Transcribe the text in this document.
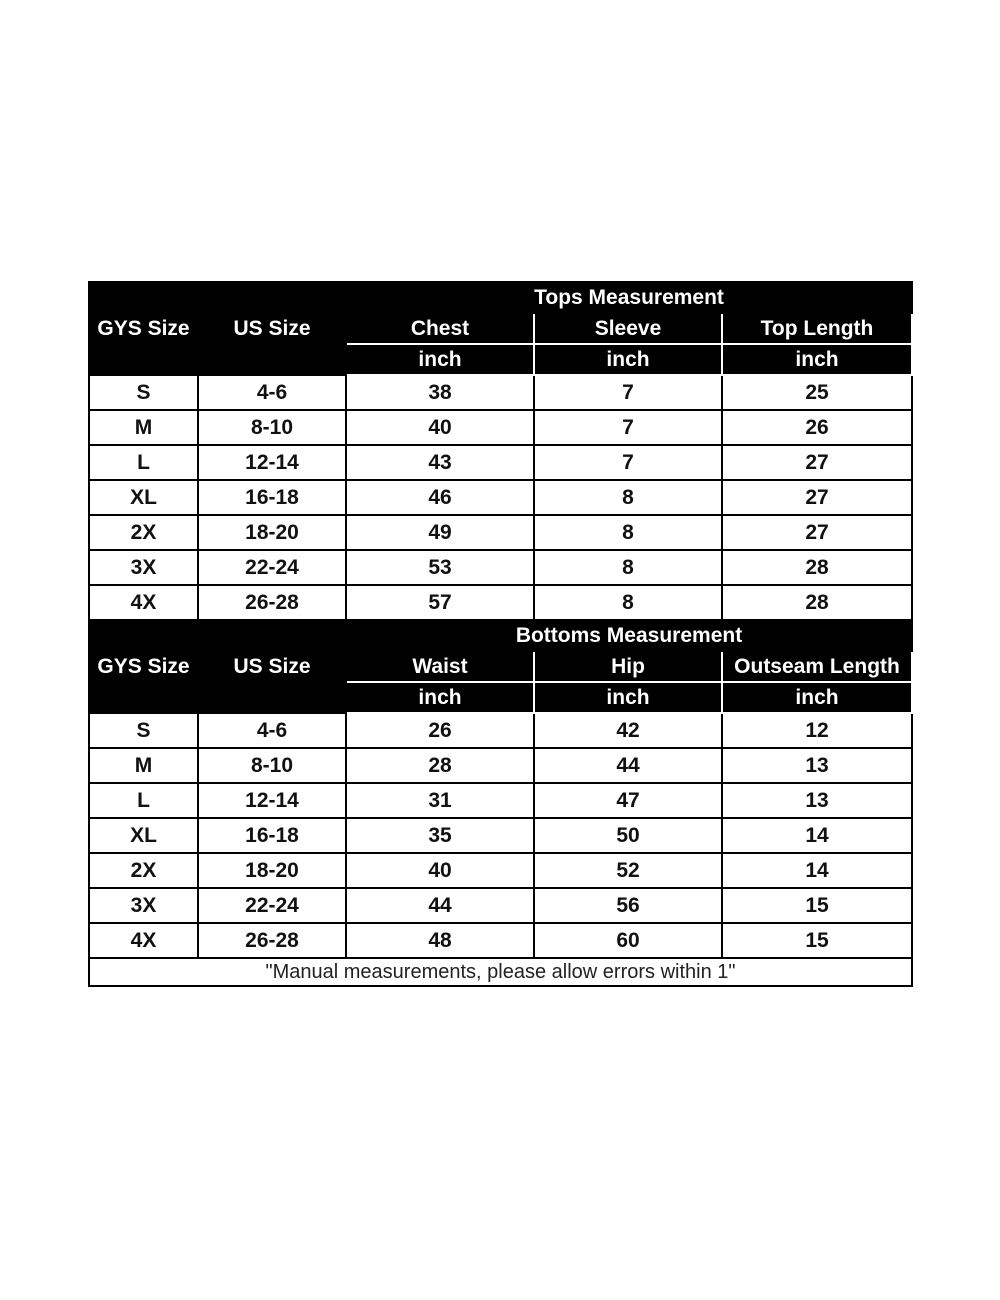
GYS Size	US Size	Tops Measurement		
		Chest	Sleeve	Top Length
		inch	inch	inch
S	4-6	38	7	25
M	8-10	40	7	26
L	12-14	43	7	27
XL	16-18	46	8	27
2X	18-20	49	8	27
3X	22-24	53	8	28
4X	26-28	57	8	28
GYS Size	US Size	Bottoms Measurement		
		Waist	Hip	Outseam Length
		inch	inch	inch
S	4-6	26	42	12
M	8-10	28	44	13
L	12-14	31	47	13
XL	16-18	35	50	14
2X	18-20	40	52	14
3X	22-24	44	56	15
4X	26-28	48	60	15
"Manual measurements, please allow errors within 1"				
